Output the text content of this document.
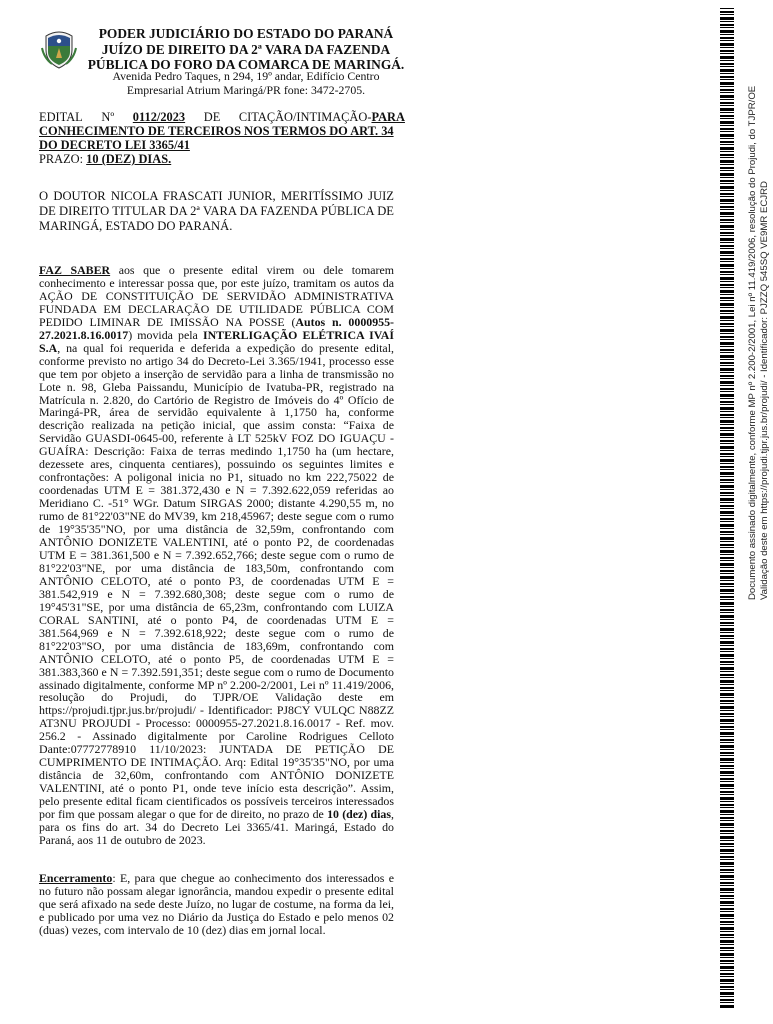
PODER JUDICIÁRIO DO ESTADO DO PARANÁ JUÍZO DE DIREITO DA 2ª VARA DA FAZENDA PÚBLICA DO FORO DA COMARCA DE MARINGÁ.
Avenida Pedro Taques, n 294, 19º andar, Edifício Centro Empresarial Atrium Maringá/PR fone: 3472-2705.
EDITAL Nº 0112/2023 DE CITAÇÃO/INTIMAÇÃO-PARA
CONHECIMENTO DE TERCEIROS NOS TERMOS DO ART. 34 DO DECRETO LEI 3365/41
PRAZO: 10 (DEZ) DIAS.
O DOUTOR NICOLA FRASCATI JUNIOR, MERITÍSSIMO JUIZ DE DIREITO TITULAR DA 2ª VARA DA FAZENDA PÚBLICA DE MARINGÁ, ESTADO DO PARANÁ.
FAZ SABER aos que o presente edital virem ou dele tomarem conhecimento e interessar possa que, por este juízo, tramitam os autos da AÇÃO DE CONSTITUIÇÃO DE SERVIDÃO ADMINISTRATIVA FUNDADA EM DECLARAÇÃO DE UTILIDADE PÚBLICA COM PEDIDO LIMINAR DE IMISSÃO NA POSSE (Autos n. 0000955-27.2021.8.16.0017) movida pela INTERLIGAÇÃO ELÉTRICA IVAÍ S.A, na qual foi requerida e deferida a expedição do presente edital, conforme previsto no artigo 34 do Decreto-Lei 3.365/1941, processo esse que tem por objeto a inserção de servidão para a linha de transmissão no Lote n. 98, Gleba Paissandu, Município de Ivatuba-PR, registrado na Matrícula n. 2.820, do Cartório de Registro de Imóveis do 4º Ofício de Maringá-PR, área de servidão equivalente à 1,1750 ha, conforme descrição realizada na petição inicial, que assim consta: “Faixa de Servidão GUASDI-0645-00, referente à LT 525kV FOZ DO IGUAÇU - GUAÍRA: Descrição: Faixa de terras medindo 1,1750 ha (um hectare, dezessete ares, cinquenta centiares), possuindo os seguintes limites e confrontações: A poligonal inicia no P1, situado no km 222,75022 de coordenadas UTM E = 381.372,430 e N = 7.392.622,059 referidas ao Meridiano C. -51° WGr. Datum SIRGAS 2000; distante 4.290,55 m, no rumo de 81°22'03"NE do MV39, km 218,45967; deste segue com o rumo de 19°35'35"NO, por uma distância de 32,59m, confrontando com ANTÔNIO DONIZETE VALENTINI, até o ponto P2, de coordenadas UTM E = 381.361,500 e N = 7.392.652,766; deste segue com o rumo de 81°22'03"NE, por uma distância de 183,50m, confrontando com ANTÔNIO CELOTO, até o ponto P3, de coordenadas UTM E = 381.542,919 e N = 7.392.680,308; deste segue com o rumo de 19°45'31"SE, por uma distância de 65,23m, confrontando com LUIZA CORAL SANTINI, até o ponto P4, de coordenadas UTM E = 381.564,969 e N = 7.392.618,922; deste segue com o rumo de 81°22'03"SO, por uma distância de 183,69m, confrontando com ANTÔNIO CELOTO, até o ponto P5, de coordenadas UTM E = 381.383,360 e N = 7.392.591,351; deste segue com o rumo de Documento assinado digitalmente, conforme MP nº 2.200-2/2001, Lei nº 11.419/2006, resolução do Projudi, do TJPR/OE Validação deste em https://projudi.tjpr.jus.br/projudi/ - Identificador: PJ8CY VULQC N88ZZ AT3NU PROJUDI - Processo: 0000955-27.2021.8.16.0017 - Ref. mov. 256.2 - Assinado digitalmente por Caroline Rodrigues Celloto Dante:07772778910 11/10/2023: JUNTADA DE PETIÇÃO DE CUMPRIMENTO DE INTIMAÇÃO. Arq: Edital 19°35'35"NO, por uma distância de 32,60m, confrontando com ANTÔNIO DONIZETE VALENTINI, até o ponto P1, onde teve início esta descrição”. Assim, pelo presente edital ficam cientificados os possíveis terceiros interessados por fim que possam alegar o que for de direito, no prazo de 10 (dez) dias, para os fins do art. 34 do Decreto Lei 3365/41. Maringá, Estado do Paraná, aos 11 de outubro de 2023.
Encerramento: E, para que chegue ao conhecimento dos interessados e no futuro não possam alegar ignorância, mandou expedir o presente edital que será afixado na sede deste Juízo, no lugar de costume, na forma da lei, e publicado por uma vez no Diário da Justiça do Estado e pelo menos 02 (duas) vezes, com intervalo de 10 (dez) dias em jornal local.
Documento assinado digitalmente, conforme MP nº 2.200-2/2001, Lei nº 11.419/2006, resolução do Projudi, do TJPR/OE Validação deste em https://projudi.tjpr.jus.br/projudi/ - Identificador: PJZZQ 545SQ VE9MR ECJRD
